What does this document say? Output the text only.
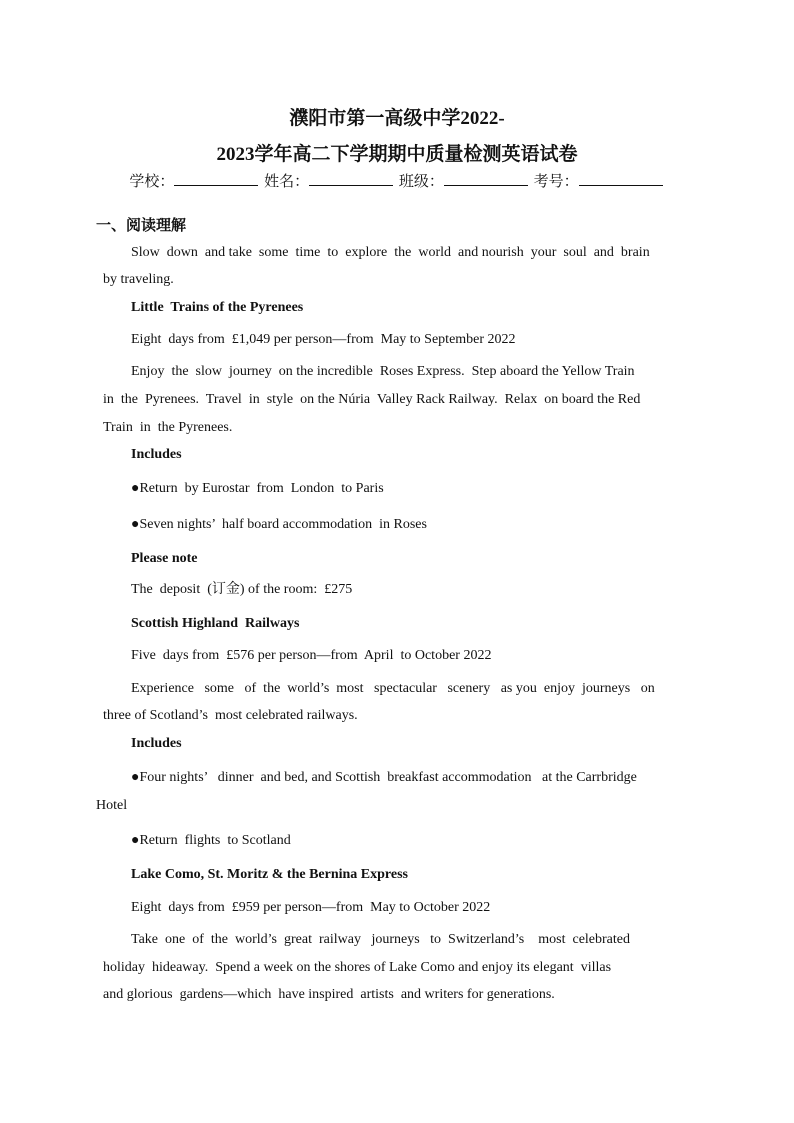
濮阳市第一高级中学2022-
2023学年高二下学期期中质量检测英语试卷
学校：	姓名：	班级：	考号：

一、阅读理解

Slow  down  and take  some  time  to  explore  the  world  and nourish  your  soul  and  brain

by traveling.

Little  Trains of the Pyrenees

Eight  days from  £1,049 per person—from  May to September 2022

Enjoy  the  slow  journey  on the incredible  Roses Express.  Step aboard the Yellow Train

in  the  Pyrenees.  Travel  in  style  on the Núria  Valley Rack Railway.  Relax  on board the Red

Train  in  the Pyrenees.

Includes

●Return  by Eurostar  from  London  to Paris

●Seven nights’  half board accommodation  in Roses

Please note

The  deposit  (订金) of the room:  £275

Scottish Highland  Railways

Five  days from  £576 per person—from  April  to October 2022

Experience   some   of  the  world’s  most   spectacular   scenery   as you  enjoy  journeys   on

three of Scotland’s  most celebrated railways.

Includes

●Four nights’   dinner  and bed, and Scottish  breakfast accommodation   at the Carrbridge

Hotel

●Return  flights  to Scotland

Lake Como, St. Moritz & the Bernina Express

Eight  days from  £959 per person—from  May to October 2022

Take  one  of  the  world’s  great  railway   journeys   to  Switzerland’s    most  celebrated

holiday  hideaway.  Spend a week on the shores of Lake Como and enjoy its elegant  villas

and glorious  gardens—which  have inspired  artists  and writers for generations.
